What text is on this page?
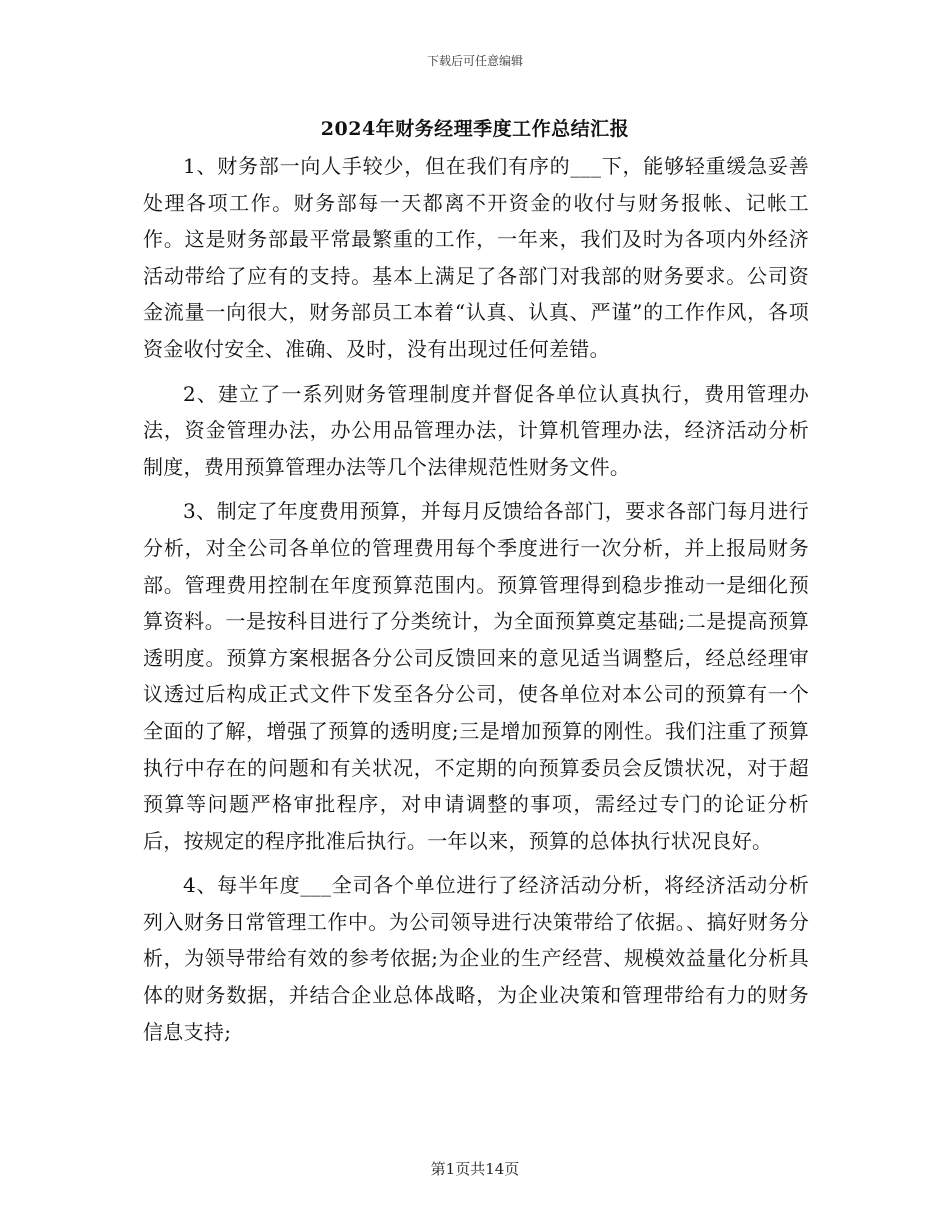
下载后可任意编辑
2024年财务经理季度工作总结汇报

1、财务部一向人手较少，但在我们有序的___下，能够轻重缓急妥善处理各项工作。财务部每一天都离不开资金的收付与财务报帐、记帐工作。这是财务部最平常最繁重的工作，一年来，我们及时为各项内外经济活动带给了应有的支持。基本上满足了各部门对我部的财务要求。公司资金流量一向很大，财务部员工本着“认真、认真、严谨”的工作作风，各项资金收付安全、准确、及时，没有出现过任何差错。

2、建立了一系列财务管理制度并督促各单位认真执行，费用管理办法，资金管理办法，办公用品管理办法，计算机管理办法，经济活动分析制度，费用预算管理办法等几个法律规范性财务文件。

3、制定了年度费用预算，并每月反馈给各部门，要求各部门每月进行分析，对全公司各单位的管理费用每个季度进行一次分析，并上报局财务部。管理费用控制在年度预算范围内。预算管理得到稳步推动一是细化预算资料。一是按科目进行了分类统计，为全面预算奠定基础;二是提高预算透明度。预算方案根据各分公司反馈回来的意见适当调整后，经总经理审议透过后构成正式文件下发至各分公司，使各单位对本公司的预算有一个全面的了解，增强了预算的透明度;三是增加预算的刚性。我们注重了预算执行中存在的问题和有关状况，不定期的向预算委员会反馈状况，对于超预算等问题严格审批程序，对申请调整的事项，需经过专门的论证分析后，按规定的程序批准后执行。一年以来，预算的总体执行状况良好。

4、每半年度___全司各个单位进行了经济活动分析，将经济活动分析列入财务日常管理工作中。为公司领导进行决策带给了依据。、搞好财务分析，为领导带给有效的参考依据;为企业的生产经营、规模效益量化分析具体的财务数据，并结合企业总体战略，为企业决策和管理带给有力的财务信息支持;

第1页共14页
